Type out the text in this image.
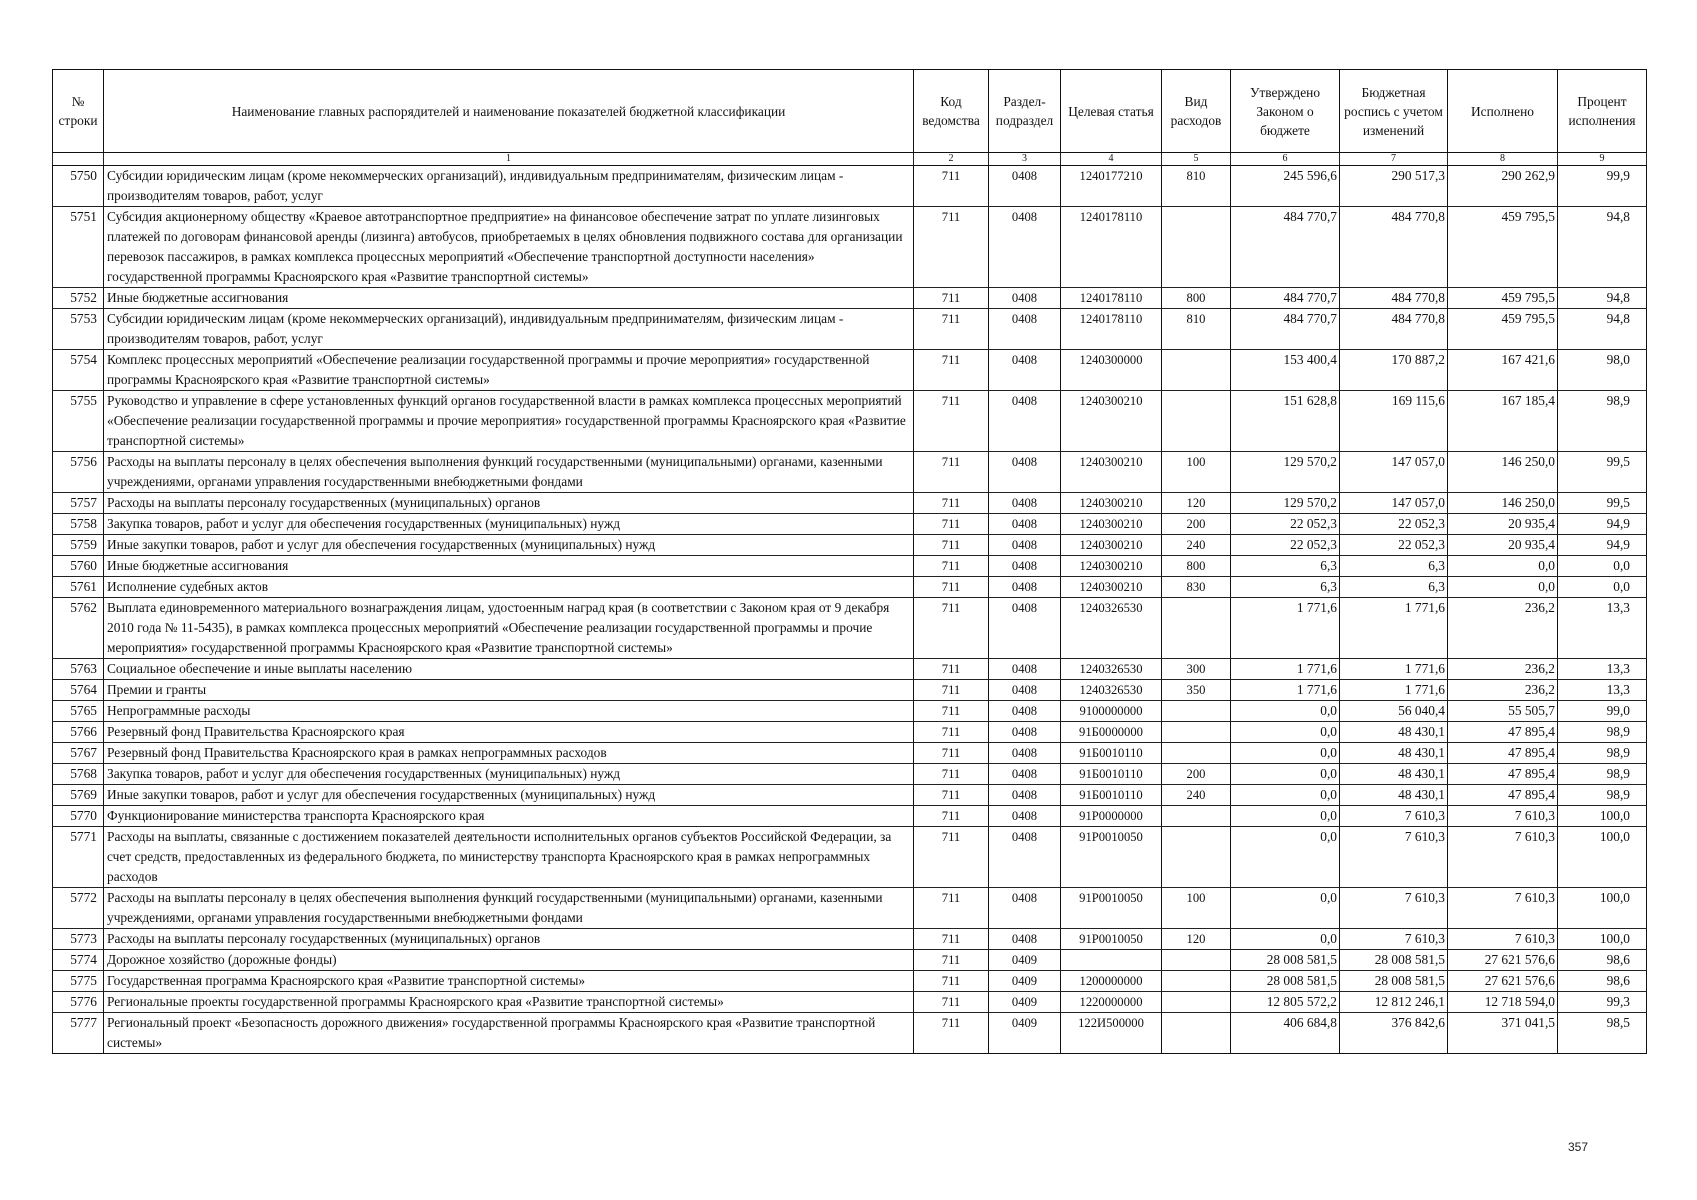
№ строки	Наименование главных распорядителей и наименование показателей бюджетной классификации	Код ведомства	Раздел-подраздел	Целевая статья	Вид расходов	Утверждено Законом о бюджете	Бюджетная роспись с учетом изменений	Исполнено	Процент исполнения
	1	2	3	4	5	6	7	8	9
5750	Субсидии юридическим лицам (кроме некоммерческих организаций), индивидуальным предпринимателям, физическим лицам - производителям товаров, работ, услуг	711	0408	1240177210	810	245 596,6	290 517,3	290 262,9	99,9
5751	Субсидия акционерному обществу «Краевое автотранспортное предприятие» на финансовое обеспечение затрат по уплате лизинговых платежей по договорам финансовой аренды (лизинга) автобусов, приобретаемых в целях обновления подвижного состава для организации перевозок пассажиров, в рамках комплекса процессных мероприятий «Обеспечение транспортной доступности населения» государственной программы Красноярского края «Развитие транспортной системы»	711	0408	1240178110		484 770,7	484 770,8	459 795,5	94,8
5752	Иные бюджетные ассигнования	711	0408	1240178110	800	484 770,7	484 770,8	459 795,5	94,8
5753	Субсидии юридическим лицам (кроме некоммерческих организаций), индивидуальным предпринимателям, физическим лицам - производителям товаров, работ, услуг	711	0408	1240178110	810	484 770,7	484 770,8	459 795,5	94,8
5754	Комплекс процессных мероприятий «Обеспечение реализации государственной программы и прочие мероприятия» государственной программы Красноярского края «Развитие транспортной системы»	711	0408	1240300000		153 400,4	170 887,2	167 421,6	98,0
5755	Руководство и управление в сфере установленных функций органов государственной власти в рамках комплекса процессных мероприятий «Обеспечение реализации государственной программы и прочие мероприятия» государственной программы Красноярского края «Развитие транспортной системы»	711	0408	1240300210		151 628,8	169 115,6	167 185,4	98,9
5756	Расходы на выплаты персоналу в целях обеспечения выполнения функций государственными (муниципальными) органами, казенными учреждениями, органами управления государственными внебюджетными фондами	711	0408	1240300210	100	129 570,2	147 057,0	146 250,0	99,5
5757	Расходы на выплаты персоналу государственных (муниципальных) органов	711	0408	1240300210	120	129 570,2	147 057,0	146 250,0	99,5
5758	Закупка товаров, работ и услуг для обеспечения государственных (муниципальных) нужд	711	0408	1240300210	200	22 052,3	22 052,3	20 935,4	94,9
5759	Иные закупки товаров, работ и услуг для обеспечения государственных (муниципальных) нужд	711	0408	1240300210	240	22 052,3	22 052,3	20 935,4	94,9
5760	Иные бюджетные ассигнования	711	0408	1240300210	800	6,3	6,3	0,0	0,0
5761	Исполнение судебных актов	711	0408	1240300210	830	6,3	6,3	0,0	0,0
5762	Выплата единовременного материального вознаграждения лицам, удостоенным наград края (в соответствии с Законом края от 9 декабря 2010 года № 11-5435), в рамках комплекса процессных мероприятий «Обеспечение реализации государственной программы и прочие мероприятия» государственной программы Красноярского края «Развитие транспортной системы»	711	0408	1240326530		1 771,6	1 771,6	236,2	13,3
5763	Социальное обеспечение и иные выплаты населению	711	0408	1240326530	300	1 771,6	1 771,6	236,2	13,3
5764	Премии и гранты	711	0408	1240326530	350	1 771,6	1 771,6	236,2	13,3
5765	Непрограммные расходы	711	0408	9100000000		0,0	56 040,4	55 505,7	99,0
5766	Резервный фонд Правительства Красноярского края	711	0408	91Б0000000		0,0	48 430,1	47 895,4	98,9
5767	Резервный фонд Правительства Красноярского края в рамках непрограммных расходов	711	0408	91Б0010110		0,0	48 430,1	47 895,4	98,9
5768	Закупка товаров, работ и услуг для обеспечения государственных (муниципальных) нужд	711	0408	91Б0010110	200	0,0	48 430,1	47 895,4	98,9
5769	Иные закупки товаров, работ и услуг для обеспечения государственных (муниципальных) нужд	711	0408	91Б0010110	240	0,0	48 430,1	47 895,4	98,9
5770	Функционирование министерства транспорта Красноярского края	711	0408	91Р0000000		0,0	7 610,3	7 610,3	100,0
5771	Расходы на выплаты, связанные с достижением показателей деятельности исполнительных органов субъектов Российской Федерации, за счет средств, предоставленных из федерального бюджета, по министерству транспорта Красноярского края в рамках непрограммных расходов	711	0408	91Р0010050		0,0	7 610,3	7 610,3	100,0
5772	Расходы на выплаты персоналу в целях обеспечения выполнения функций государственными (муниципальными) органами, казенными учреждениями, органами управления государственными внебюджетными фондами	711	0408	91Р0010050	100	0,0	7 610,3	7 610,3	100,0
5773	Расходы на выплаты персоналу государственных (муниципальных) органов	711	0408	91Р0010050	120	0,0	7 610,3	7 610,3	100,0
5774	Дорожное хозяйство (дорожные фонды)	711	0409			28 008 581,5	28 008 581,5	27 621 576,6	98,6
5775	Государственная программа Красноярского края «Развитие транспортной системы»	711	0409	1200000000		28 008 581,5	28 008 581,5	27 621 576,6	98,6
5776	Региональные проекты государственной программы Красноярского края «Развитие транспортной системы»	711	0409	1220000000		12 805 572,2	12 812 246,1	12 718 594,0	99,3
5777	Региональный проект «Безопасность дорожного движения» государственной программы Красноярского края «Развитие транспортной системы»	711	0409	122И500000		406 684,8	376 842,6	371 041,5	98,5
357
